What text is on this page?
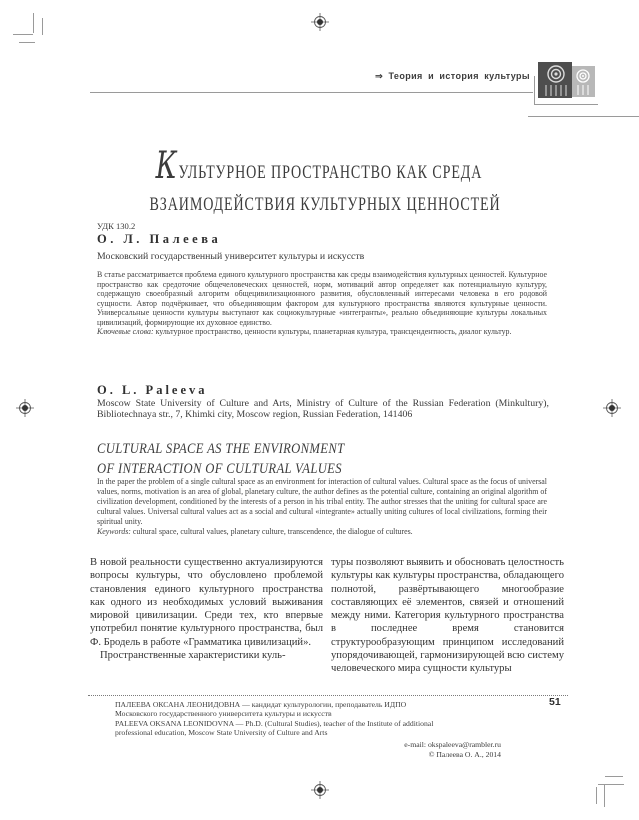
⇒ Теория и история культуры
КУЛЬТУРНОЕ ПРОСТРАНСТВО КАК СРЕДА
ВЗАИМОДЕЙСТВИЯ КУЛЬТУРНЫХ ЦЕННОСТЕЙ
УДК 130.2
О. Л. Палеева
Московский государственный университет культуры и искусств
В статье рассматривается проблема единого культурного пространства как среды взаимодействия культурных ценностей. Культурное пространство как средоточие общечеловеческих ценностей, норм, мотиваций автор определяет как потенциальную культуру, содержащую своеобразный алгоритм общецивилизационного развития, обусловленный интересами человека в его родовой сущности. Автор подчёркивает, что объединяющим фактором для культурного пространства являются культурные ценности. Универсальные ценности культуры выступают как социокультурные «интегранты», реально объединяющие культуры локальных цивилизаций, формирующие их духовное единство.
Ключевые слова: культурное пространство, ценности культуры, планетарная культура, трансцендентность, диалог культур.
O. L. Paleeva
Moscow State University of Culture and Arts, Ministry of Culture of the Russian Federation (Minkultury), Bibliotechnaya str., 7, Khimki city, Moscow region, Russian Federation, 141406
CULTURAL SPACE AS THE ENVIRONMENT
OF INTERACTION OF CULTURAL VALUES
In the paper the problem of a single cultural space as an environment for interaction of cultural values. Cultural space as the focus of universal values, norms, motivation is an area of global, planetary culture, the author defines as the potential culture, containing an original algorithm of civilization development, conditioned by the interests of a person in his tribal entity. The author stresses that the uniting for cultural space are cultural values. Universal cultural values act as a social and cultural «integrante» actually uniting cultures of local civilizations, forming their spiritual unity.
Keywords: cultural space, cultural values, planetary culture, transcendence, the dialogue of cultures.

В новой реальности существенно актуализируются вопросы культуры, что обусловлено проблемой становления единого культурного пространства как одного из необходимых условий выживания мировой цивилизации. Среди тех, кто впервые употребил понятие культурного пространства, был Ф. Бродель в работе «Грамматика цивилизаций».

Пространственные характеристики куль-

туры позволяют выявить и обосновать целостность культуры как культуры пространства, обладающего полнотой, развёртывающего многообразие составляющих её элементов, связей и отношений между ними. Категория культурного пространства в последнее время становится структурообразующим принципом исследований упорядочивающей, гармонизирующей всю систему человеческого мира сущности культуры

ПАЛЕЕВА ОКСАНА ЛЕОНИДОВНА — кандидат культурологии, преподаватель ИДПО
Московского государственного университета культуры и искусств
PALEEVA OKSANA LEONIDOVNA — Ph.D. (Cultural Studies), teacher of the Institute of additional
professional education, Moscow State University of Culture and Arts
e-mail: okspaleeva@rambler.ru
© Палеева О. А., 2014
51
